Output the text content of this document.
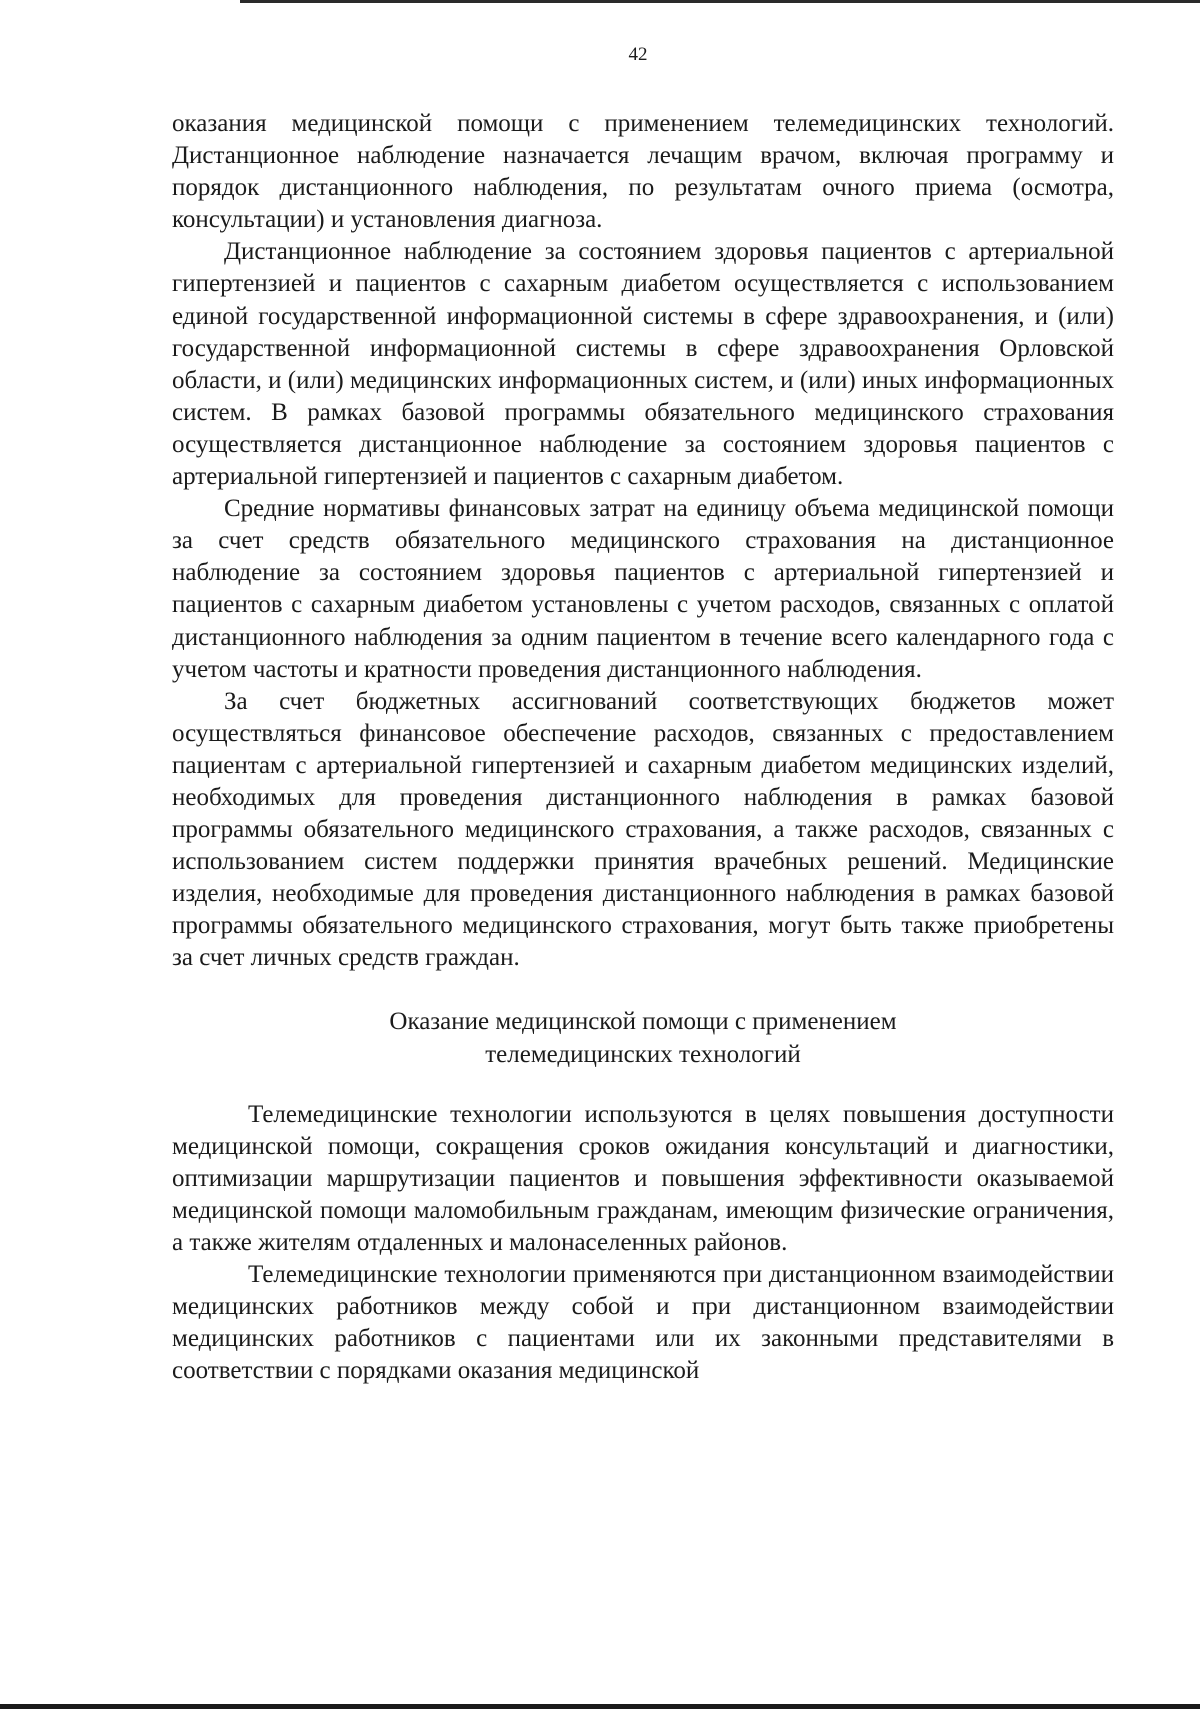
42

оказания медицинской помощи с применением телемедицинских технологий. Дистанционное наблюдение назначается лечащим врачом, включая программу и порядок дистанционного наблюдения, по результатам очного приема (осмотра, консультации) и установления диагноза.

Дистанционное наблюдение за состоянием здоровья пациентов с артериальной гипертензией и пациентов с сахарным диабетом осуществляется с использованием единой государственной информационной системы в сфере здравоохранения, и (или) государственной информационной системы в сфере здравоохранения Орловской области, и (или) медицинских информационных систем, и (или) иных информационных систем. В рамках базовой программы обязательного медицинского страхования осуществляется дистанционное наблюдение за состоянием здоровья пациентов с артериальной гипертензией и пациентов с сахарным диабетом.

Средние нормативы финансовых затрат на единицу объема медицинской помощи за счет средств обязательного медицинского страхования на дистанционное наблюдение за состоянием здоровья пациентов с артериальной гипертензией и пациентов с сахарным диабетом установлены с учетом расходов, связанных с оплатой дистанционного наблюдения за одним пациентом в течение всего календарного года с учетом частоты и кратности проведения дистанционного наблюдения.

За счет бюджетных ассигнований соответствующих бюджетов может осуществляться финансовое обеспечение расходов, связанных с предоставлением пациентам с артериальной гипертензией и сахарным диабетом медицинских изделий, необходимых для проведения дистанционного наблюдения в рамках базовой программы обязательного медицинского страхования, а также расходов, связанных с использованием систем поддержки принятия врачебных решений. Медицинские изделия, необходимые для проведения дистанционного наблюдения в рамках базовой программы обязательного медицинского страхования, могут быть также приобретены за счет личных средств граждан.

Оказание медицинской помощи с применением
телемедицинских технологий

Телемедицинские технологии используются в целях повышения доступности медицинской помощи, сокращения сроков ожидания консультаций и диагностики, оптимизации маршрутизации пациентов и повышения эффективности оказываемой медицинской помощи маломобильным гражданам, имеющим физические ограничения, а также жителям отдаленных и малонаселенных районов.

Телемедицинские технологии применяются при дистанционном взаимодействии медицинских работников между собой и при дистанционном взаимодействии медицинских работников с пациентами или их законными представителями в соответствии с порядками оказания медицинской
